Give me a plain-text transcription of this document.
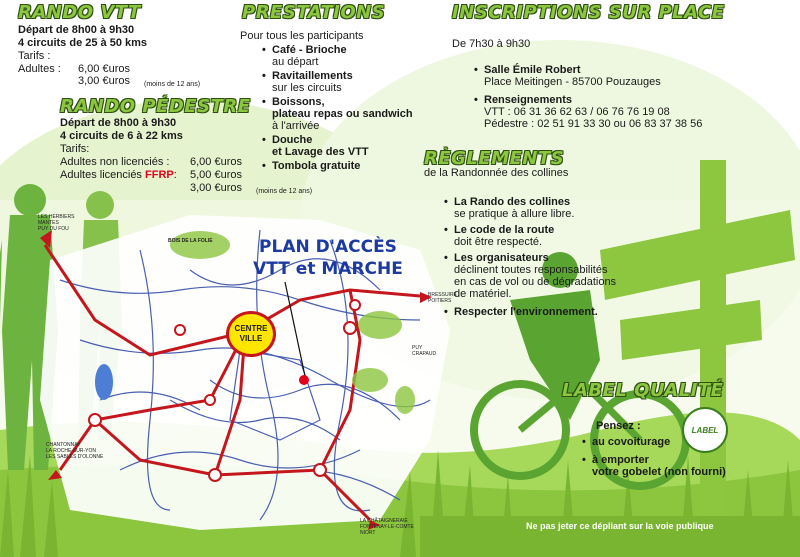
RANDO VTT
Départ de 8h00 à 9h30
4 circuits de 25 à 50 kms
Tarifs :
Adultes : 6,00 €uros
3,00 €uros (moins de 12 ans)
RANDO PÉDESTRE
Départ de 8h00 à 9h30
4 circuits de 6 à 22 kms
Tarifs:
Adultes non licenciés : 6,00 €uros
Adultes licenciés FFRP: 5,00 €uros
3,00 €uros (moins de 12 ans)
PRESTATIONS
Pour tous les participants
• Café - Brioche
au départ
• Ravitaillements
sur les circuits
• Boissons,
plateau repas ou sandwich
à l'arrivée
• Douche
et Lavage des VTT
• Tombola gratuite
INSCRIPTIONS SUR PLACE
De 7h30 à 9h30
• Salle Émile Robert
Place Meitingen - 85700 Pouzauges
• Renseignements
VTT : 06 31 36 62 63 / 06 76 76 19 08
Pédestre : 02 51 91 33 30 ou 06 83 37 38 56
RÈGLEMENTS
de la Randonnée des collines
• La Rando des collines
se pratique à allure libre.
• Le code de la route
doit être respecté.
• Les organisateurs
déclinent toutes responsabilités
en cas de vol ou de dégradations
de matériel.
• Respecter l'environnement.
PLAN D'ACCÈS
VTT et MARCHE
CENTRE
VILLE
BOIS DE LA FOLIE
LES HERBIERS
MANTES
PUY DU FOU
BRESSUIRE
POITIERS
PUY
CRAPAUD
CHANTONNAY
LA ROCHE-SUR-YON
LES SABLES D'OLONNE
LA CHÂTAIGNERAIE
FONTENAY-LE-COMTE
NIORT
LABEL QUALITÉ
Pensez :
• au covoiturage
• à emporter
votre gobelet (non fourni)
LABEL
Ne pas jeter ce dépliant sur la voie publique
